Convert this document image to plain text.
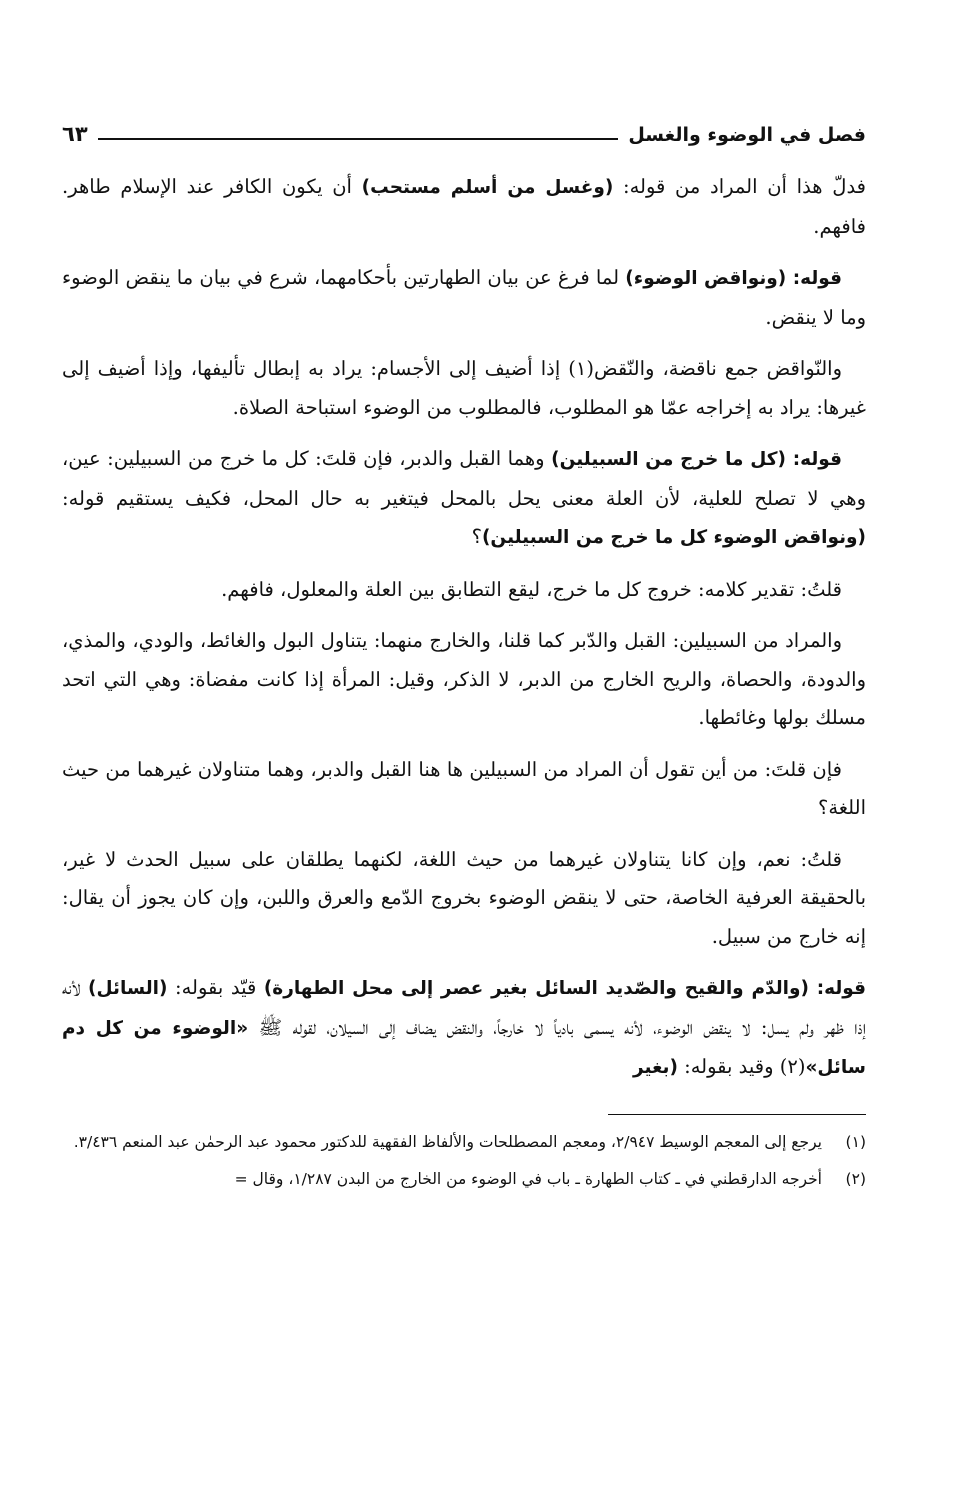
فصل في الوضوء والغسل
٦٣

فدلّ هذا أن المراد من قوله: (وغسل من أسلم مستحب) أن يكون الكافر عند الإسلام طاهر. فافهم.

قوله: (ونواقض الوضوء) لما فرغ عن بيان الطهارتين بأحكامهما، شرع في بيان ما ينقض الوضوء وما لا ينقض.

والنّواقض جمع ناقضة، والنّقض(١) إذا أضيف إلى الأجسام: يراد به إبطال تأليفها، وإذا أضيف إلى غيرها: يراد به إخراجه عمّا هو المطلوب، فالمطلوب من الوضوء استباحة الصلاة.

قوله: (كل ما خرج من السبيلين) وهما القبل والدبر، فإن قلتَ: كل ما خرج من السبيلين: عين، وهي لا تصلح للعلية، لأن العلة معنى يحل بالمحل فيتغير به حال المحل، فكيف يستقيم قوله: (ونواقض الوضوء كل ما خرج من السبيلين)؟

قلتُ: تقدير كلامه: خروج كل ما خرج، ليقع التطابق بين العلة والمعلول، فافهم.

والمراد من السبيلين: القبل والدّبر كما قلنا، والخارج منهما: يتناول البول والغائط، والودي، والمذي، والدودة، والحصاة، والريح الخارج من الدبر، لا الذكر، وقيل: المرأة إذا كانت مفضاة: وهي التي اتحد مسلك بولها وغائطها.

فإن قلتَ: من أين تقول أن المراد من السبيلين ها هنا القبل والدبر، وهما متناولان غيرهما من حيث اللغة؟

قلتُ: نعم، وإن كانا يتناولان غيرهما من حيث اللغة، لكنهما يطلقان على سبيل الحدث لا غير، بالحقيقة العرفية الخاصة، حتى لا ينقض الوضوء بخروج الدّمع والعرق واللبن، وإن كان يجوز أن يقال: إنه خارج من سبيل.

قوله: (والدّم والقيح والصّديد السائل بغير عصر إلى محل الطهارة) قيّد بقوله: (السائل) لأنه إذا ظهر ولم يسل: لا ينقض الوضوء، لأنه يسمى بادياً لا خارجاً، والنقض يضاف إلى السيلان، لقوله ﷺ «الوضوء من كل دم سائل»(٢) وقيد بقوله: (بغير

(١)
يرجع إلى المعجم الوسيط ٢/٩٤٧، ومعجم المصطلحات والألفاظ الفقهية للدكتور محمود عبد الرحمٰن عبد المنعم ٣/٤٣٦.
(٢)
أخرجه الدارقطني في ـ كتاب الطهارة ـ باب في الوضوء من الخارج من البدن ١/٢٨٧، وقال =
